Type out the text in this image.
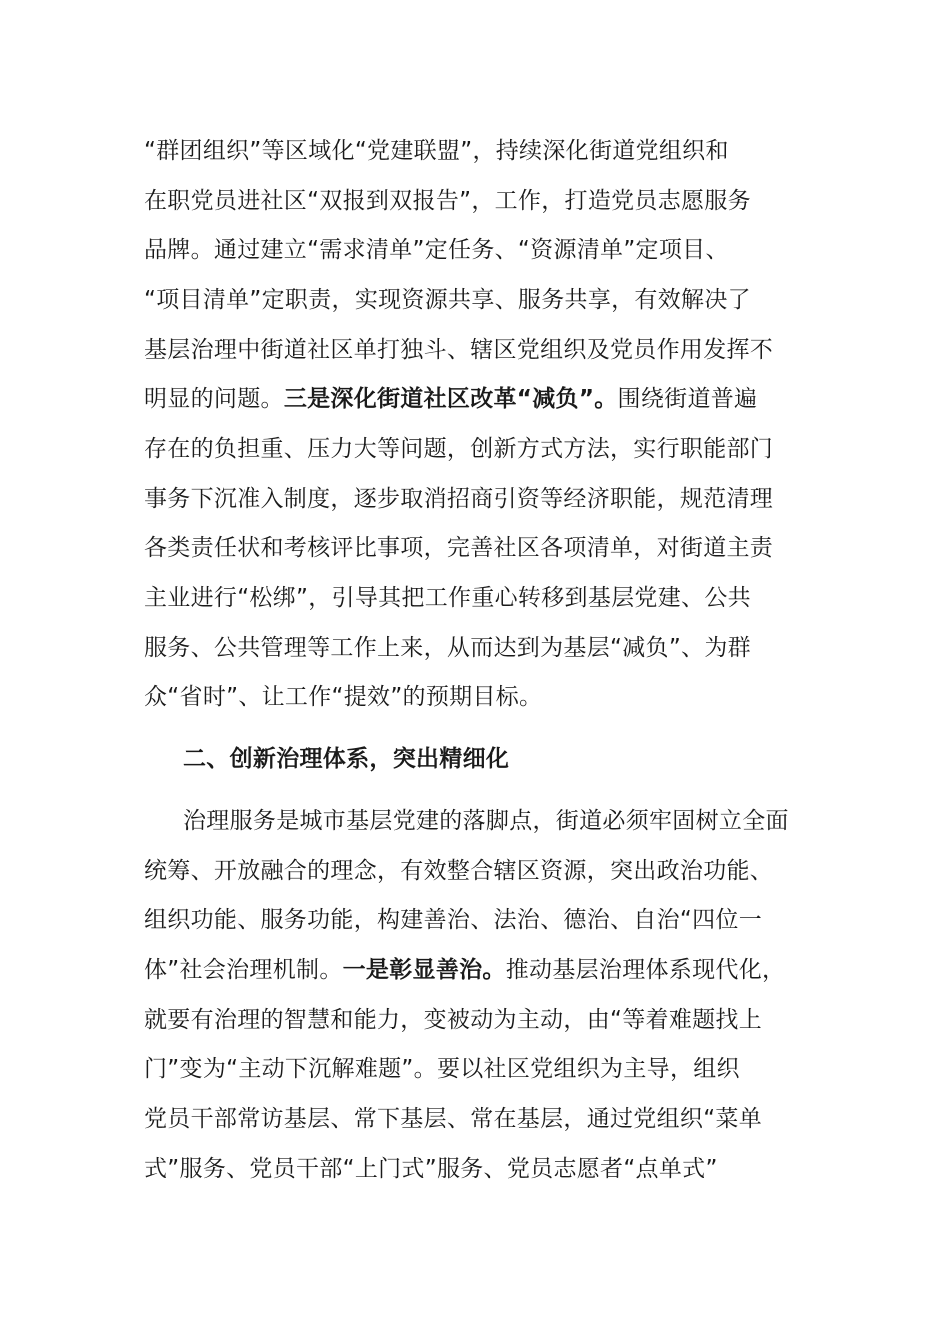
“群团组织”等区域化“党建联盟”，持续深化街道党组织和
在职党员进社区“双报到双报告”，工作，打造党员志愿服务
品牌。通过建立“需求清单”定任务、“资源清单”定项目、
“项目清单”定职责，实现资源共享、服务共享，有效解决了
基层治理中街道社区单打独斗、辖区党组织及党员作用发挥不
明显的问题。三是深化街道社区改革“减负”。围绕街道普遍
存在的负担重、压力大等问题，创新方式方法，实行职能部门
事务下沉准入制度，逐步取消招商引资等经济职能，规范清理
各类责任状和考核评比事项，完善社区各项清单，对街道主责
主业进行“松绑”，引导其把工作重心转移到基层党建、公共
服务、公共管理等工作上来，从而达到为基层“减负”、为群
众“省时”、让工作“提效”的预期目标。
二、创新治理体系，突出精细化
治理服务是城市基层党建的落脚点，街道必须牢固树立全面
统筹、开放融合的理念，有效整合辖区资源，突出政治功能、
组织功能、服务功能，构建善治、法治、德治、自治“四位一
体”社会治理机制。一是彰显善治。推动基层治理体系现代化，
就要有治理的智慧和能力，变被动为主动，由“等着难题找上
门”变为“主动下沉解难题”。要以社区党组织为主导，组织
党员干部常访基层、常下基层、常在基层，通过党组织“菜单
式”服务、党员干部“上门式”服务、党员志愿者“点单式”
